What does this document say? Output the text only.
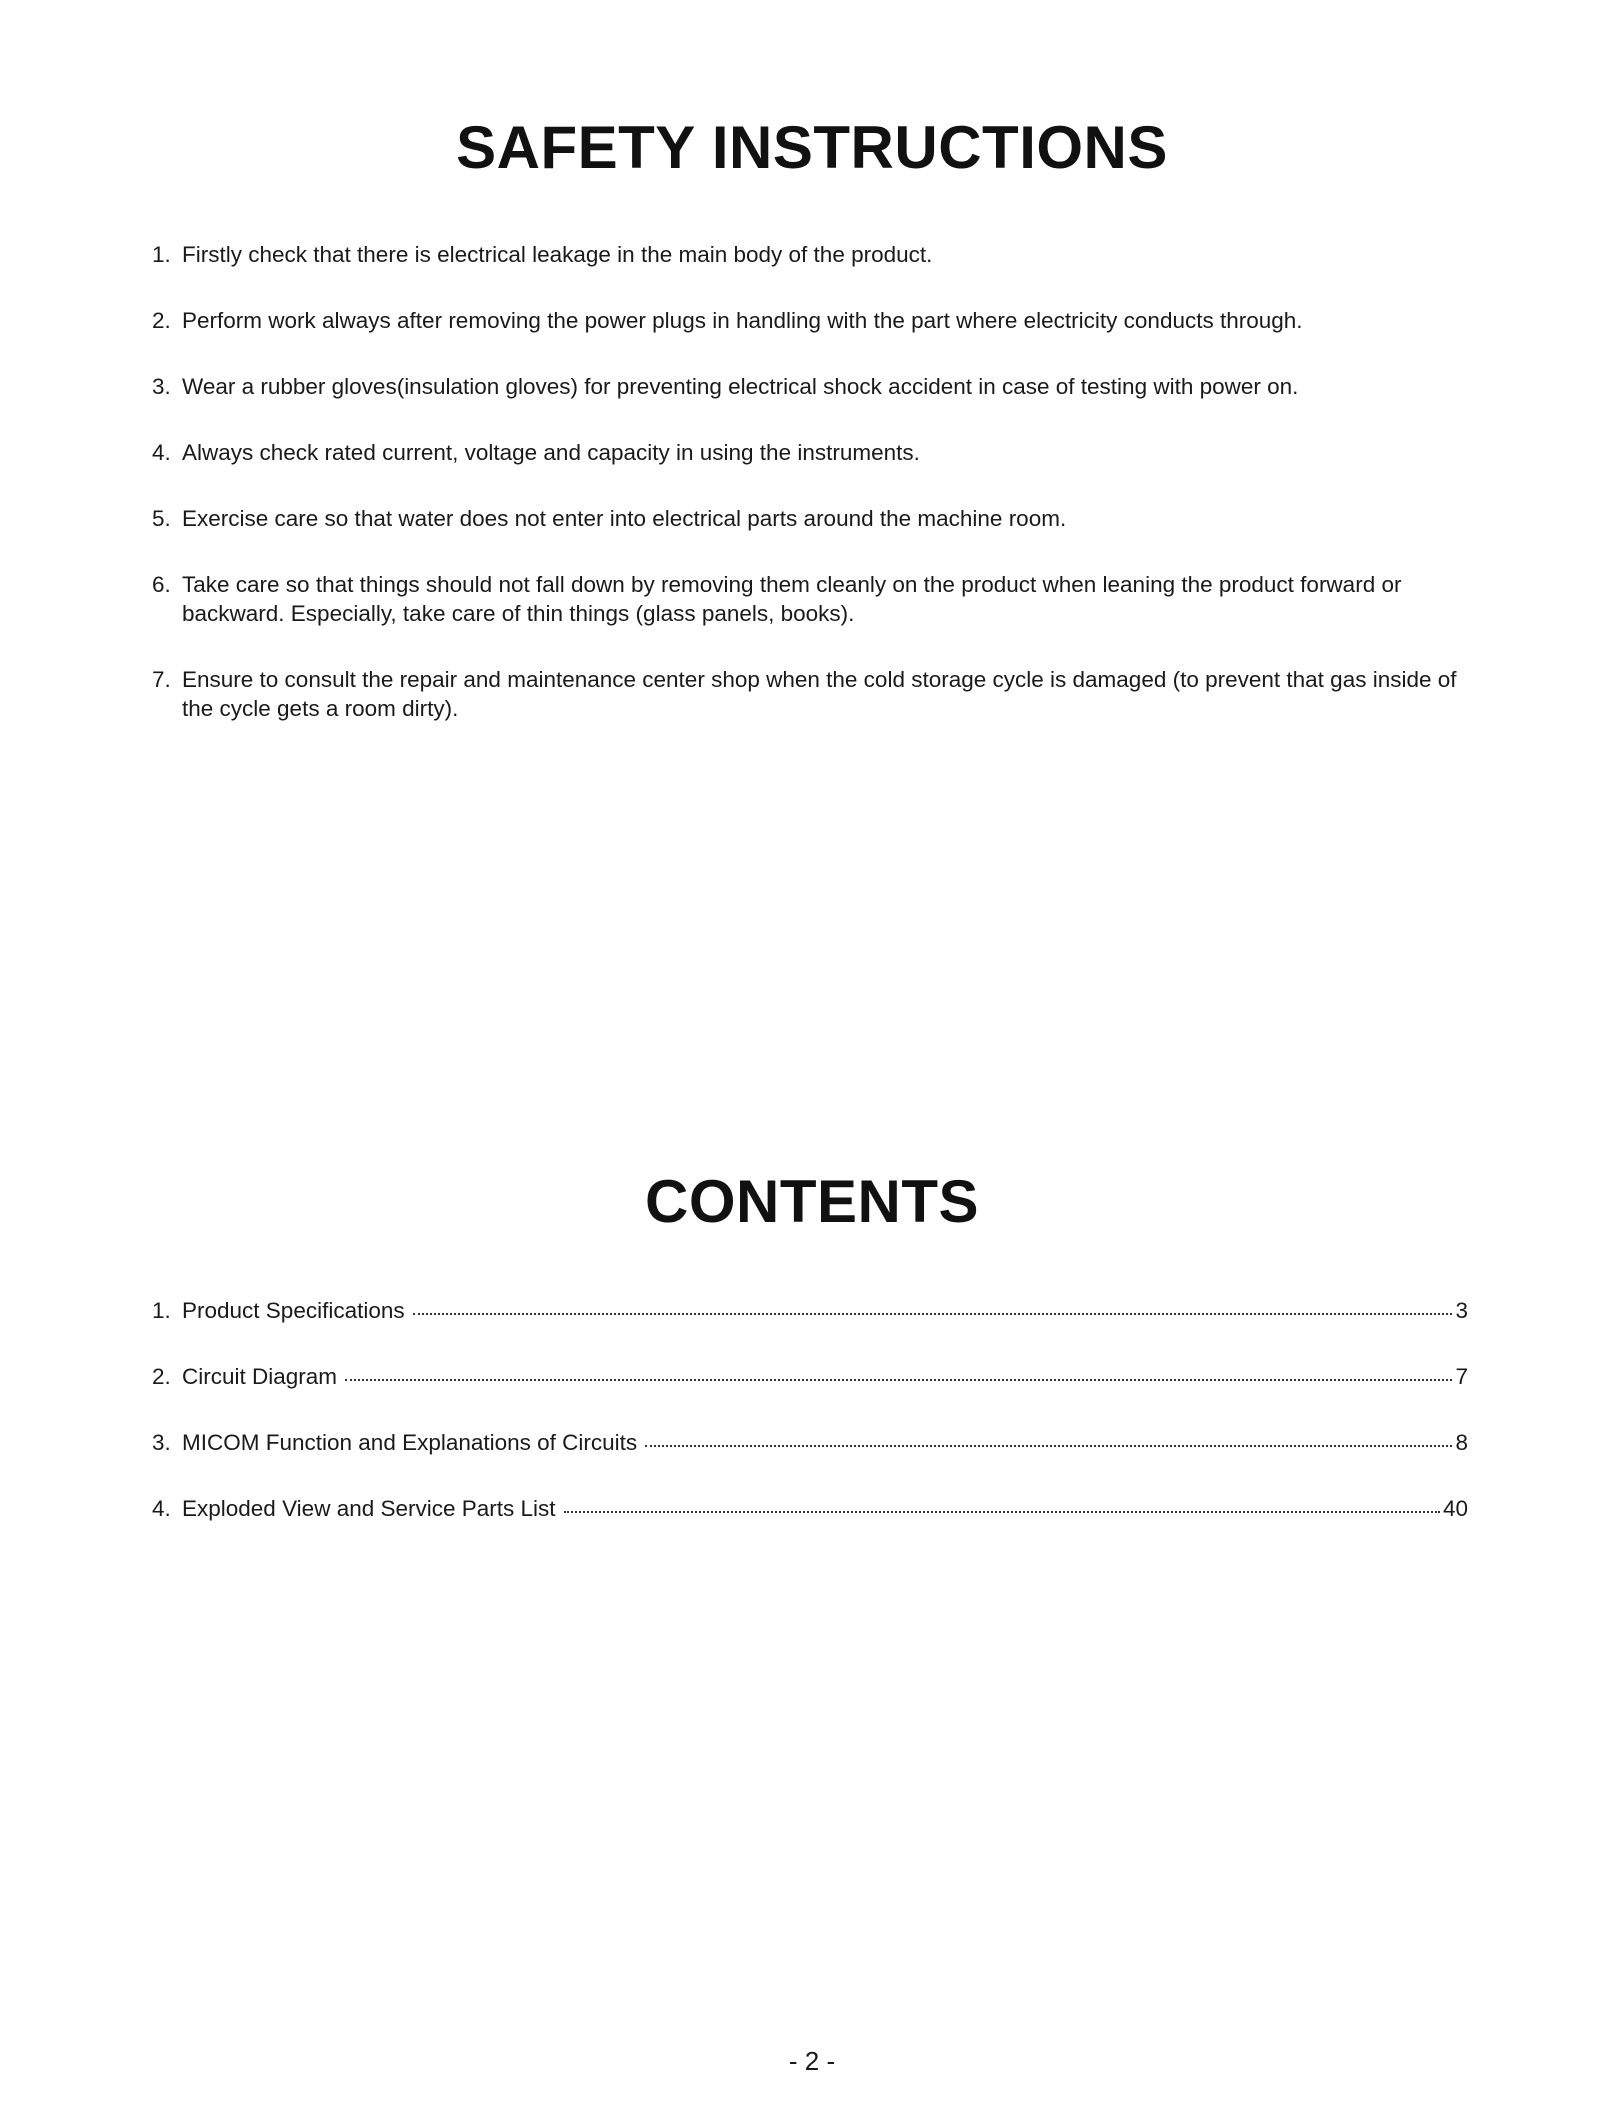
SAFETY INSTRUCTIONS
1. Firstly check that there is electrical leakage in the main body of the product.
2. Perform work always after removing the power plugs in handling with the part where electricity conducts through.
3. Wear a rubber gloves(insulation gloves) for preventing electrical shock accident in case of testing with power on.
4. Always check rated current, voltage and capacity in using the instruments.
5. Exercise care so that water does not enter into electrical parts around the machine room.
6. Take care so that things should not fall down by removing them cleanly on the product when leaning the product forward or backward. Especially, take care of thin things (glass panels, books).
7. Ensure to consult the repair and maintenance center shop when the cold storage cycle is damaged (to prevent that gas inside of the cycle gets a room dirty).
CONTENTS
1. Product Specifications	3
2. Circuit Diagram	7
3. MICOM Function and Explanations of Circuits	8
4. Exploded View and Service Parts List	40
- 2 -
